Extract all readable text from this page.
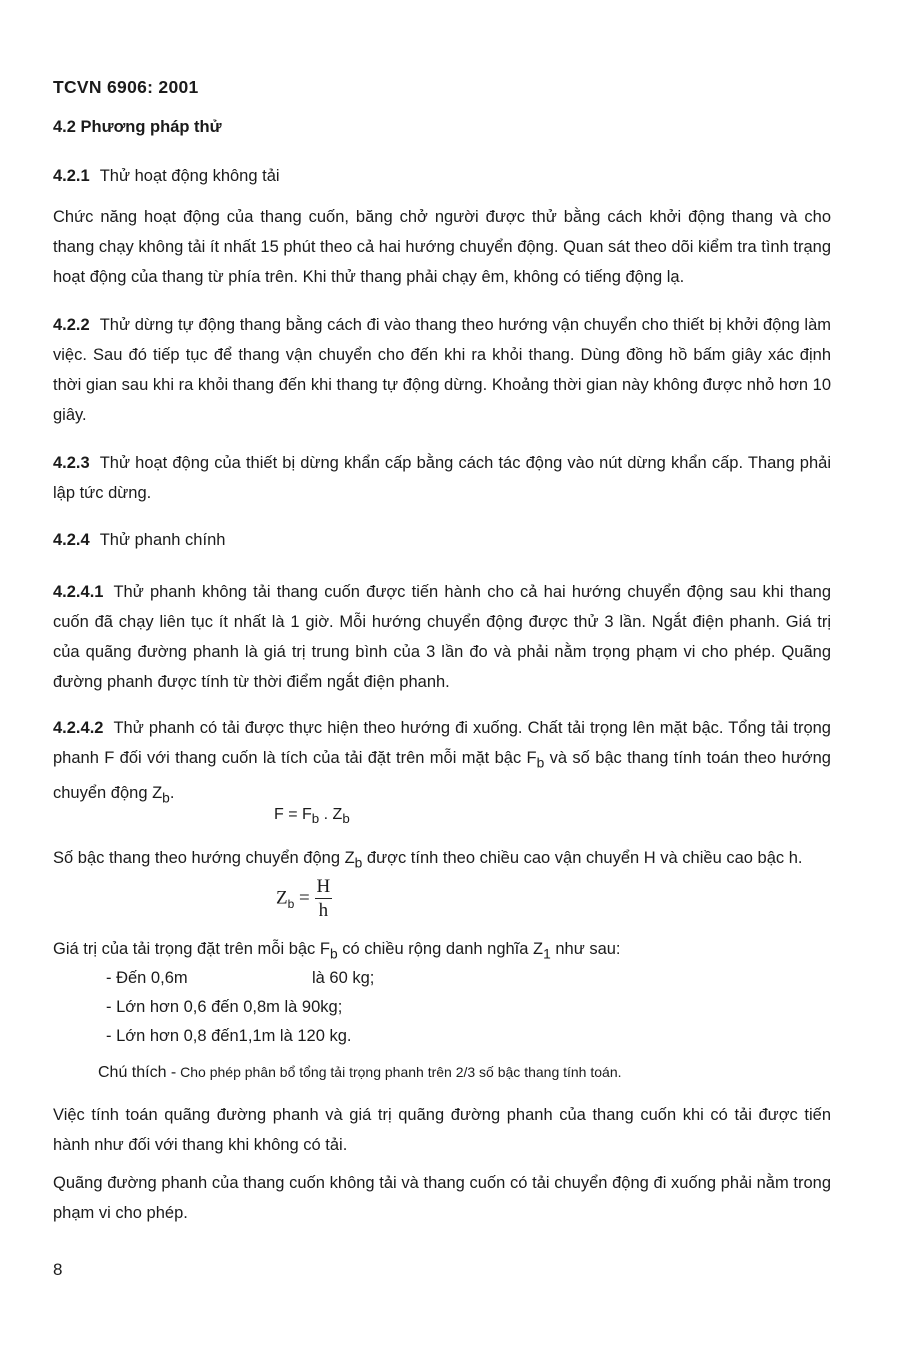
TCVN 6906: 2001
4.2 Phương pháp thử
4.2.1 Thử hoạt động không tải

Chức năng hoạt động của thang cuốn, băng chở người được thử bằng cách khởi động thang và cho thang chạy không tải ít nhất 15 phút theo cả hai hướng chuyển động. Quan sát theo dõi kiểm tra tình trạng hoạt động của thang từ phía trên. Khi thử thang phải chạy êm, không có tiếng động lạ.

4.2.2 Thử dừng tự động thang bằng cách đi vào thang theo hướng vận chuyển cho thiết bị khởi động làm việc. Sau đó tiếp tục để thang vận chuyển cho đến khi ra khỏi thang. Dùng đồng hồ bấm giây xác định thời gian sau khi ra khỏi thang đến khi thang tự động dừng. Khoảng thời gian này không được nhỏ hơn 10 giây.

4.2.3 Thử hoạt động của thiết bị dừng khẩn cấp bằng cách tác động vào nút dừng khẩn cấp. Thang phải lập tức dừng.

4.2.4 Thử phanh chính

4.2.4.1 Thử phanh không tải thang cuốn được tiến hành cho cả hai hướng chuyển động sau khi thang cuốn đã chạy liên tục ít nhất là 1 giờ. Mỗi hướng chuyển động được thử 3 lần. Ngắt điện phanh. Giá trị của quãng đường phanh là giá trị trung bình của 3 lần đo và phải nằm trọng phạm vi cho phép. Quãng đường phanh được tính từ thời điểm ngắt điện phanh.

4.2.4.2 Thử phanh có tải được thực hiện theo hướng đi xuống. Chất tải trọng lên mặt bậc. Tổng tải trọng phanh F đối với thang cuốn là tích của tải đặt trên mỗi mặt bậc $F_b$ và số bậc thang tính toán theo hướng chuyển động $Z_b$.

$F = F_b$ . $Z_b$

Số bậc thang theo hướng chuyển động $Z_b$ được tính theo chiều cao vận chuyển H và chiều cao bậc h.

$Z_b = \frac{H}{h}$

Giá trị của tải trọng đặt trên mỗi bậc $F_b$ có chiều rộng danh nghĩa $Z_1$ như sau:

- Đến 0,6m	là 60 kg;
- Lớn hơn 0,6 đến 0,8m là 90kg;
- Lớn hơn 0,8 đến1,1m là 120 kg.
Chú thích - Cho phép phân bổ tổng tải trọng phanh trên 2/3 số bậc thang tính toán.

Việc tính toán quãng đường phanh và giá trị quãng đường phanh của thang cuốn khi có tải được tiến hành như đối với thang khi không có tải.

Quãng đường phanh của thang cuốn không tải và thang cuốn có tải chuyển động đi xuống phải nằm trong phạm vi cho phép.

8
